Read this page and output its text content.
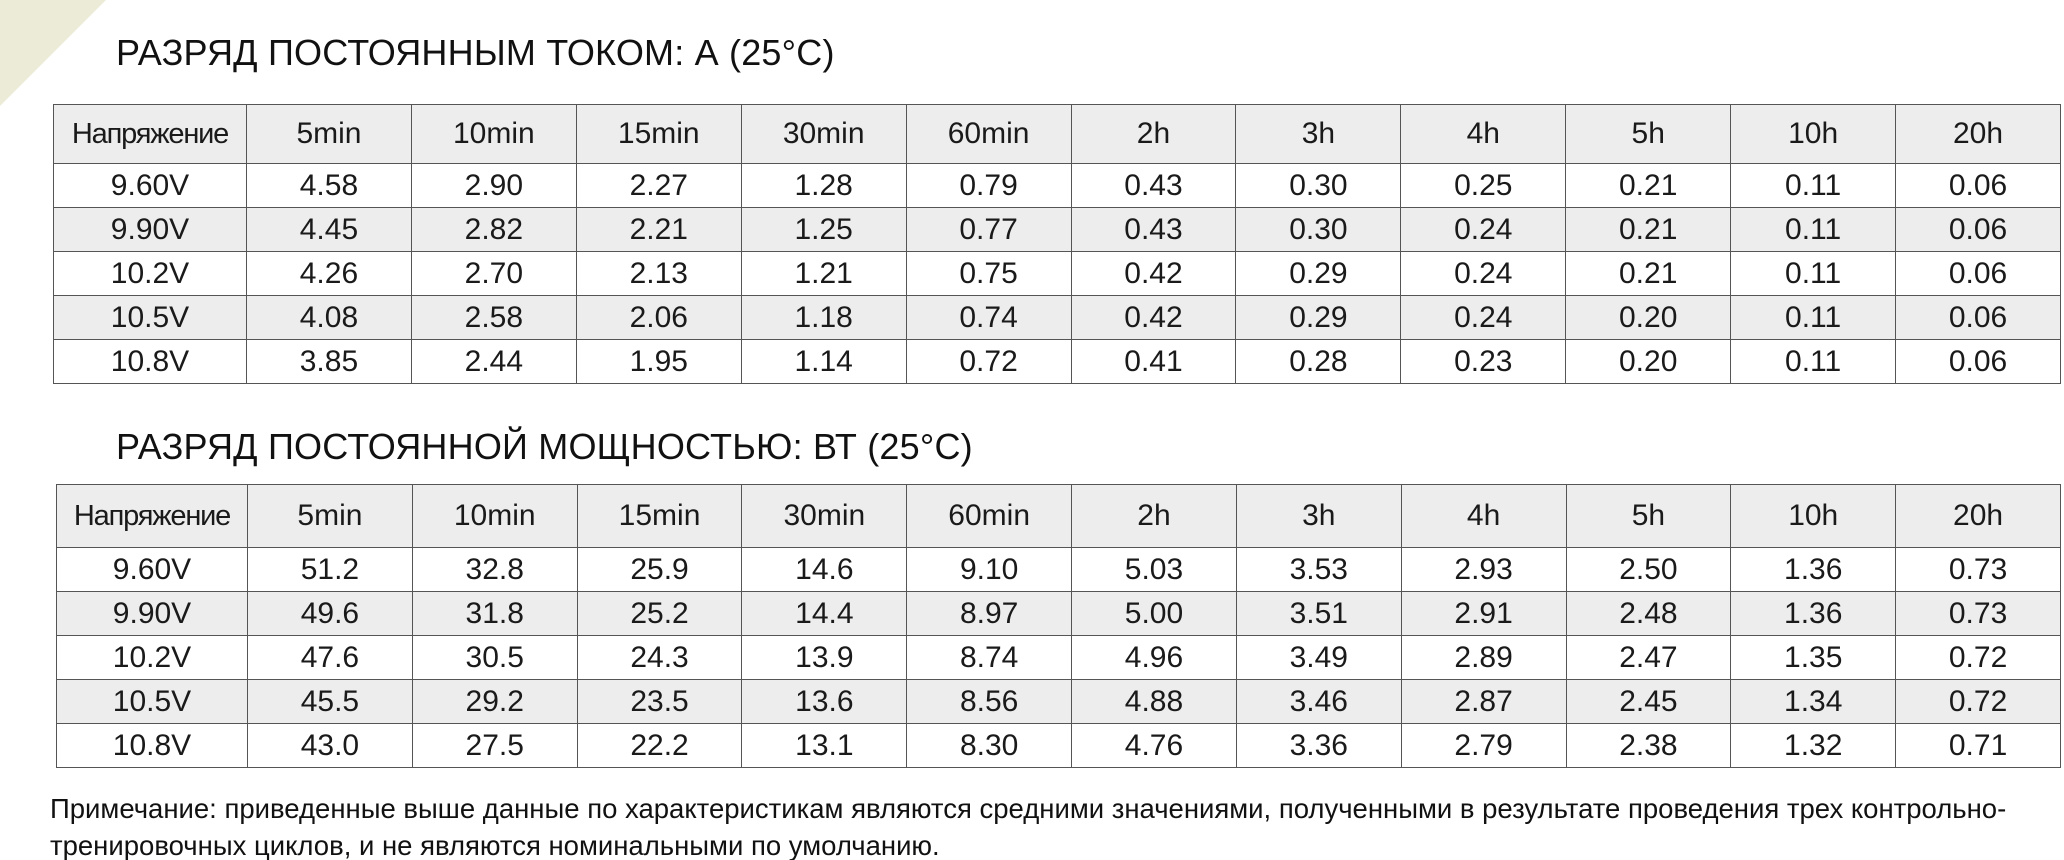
РАЗРЯД ПОСТОЯННЫМ ТОКОМ: А (25°C)
Напряжение	5min	10min	15min	30min	60min	2h	3h	4h	5h	10h	20h
9.60V	4.58	2.90	2.27	1.28	0.79	0.43	0.30	0.25	0.21	0.11	0.06
9.90V	4.45	2.82	2.21	1.25	0.77	0.43	0.30	0.24	0.21	0.11	0.06
10.2V	4.26	2.70	2.13	1.21	0.75	0.42	0.29	0.24	0.21	0.11	0.06
10.5V	4.08	2.58	2.06	1.18	0.74	0.42	0.29	0.24	0.20	0.11	0.06
10.8V	3.85	2.44	1.95	1.14	0.72	0.41	0.28	0.23	0.20	0.11	0.06
РАЗРЯД ПОСТОЯННОЙ МОЩНОСТЬЮ: ВТ (25°C)
Напряжение	5min	10min	15min	30min	60min	2h	3h	4h	5h	10h	20h
9.60V	51.2	32.8	25.9	14.6	9.10	5.03	3.53	2.93	2.50	1.36	0.73
9.90V	49.6	31.8	25.2	14.4	8.97	5.00	3.51	2.91	2.48	1.36	0.73
10.2V	47.6	30.5	24.3	13.9	8.74	4.96	3.49	2.89	2.47	1.35	0.72
10.5V	45.5	29.2	23.5	13.6	8.56	4.88	3.46	2.87	2.45	1.34	0.72
10.8V	43.0	27.5	22.2	13.1	8.30	4.76	3.36	2.79	2.38	1.32	0.71

Примечание: приведенные выше данные по характеристикам являются средними значениями, полученными в результате проведения трех контрольно-тренировочных циклов, и не являются номинальными по умолчанию.
